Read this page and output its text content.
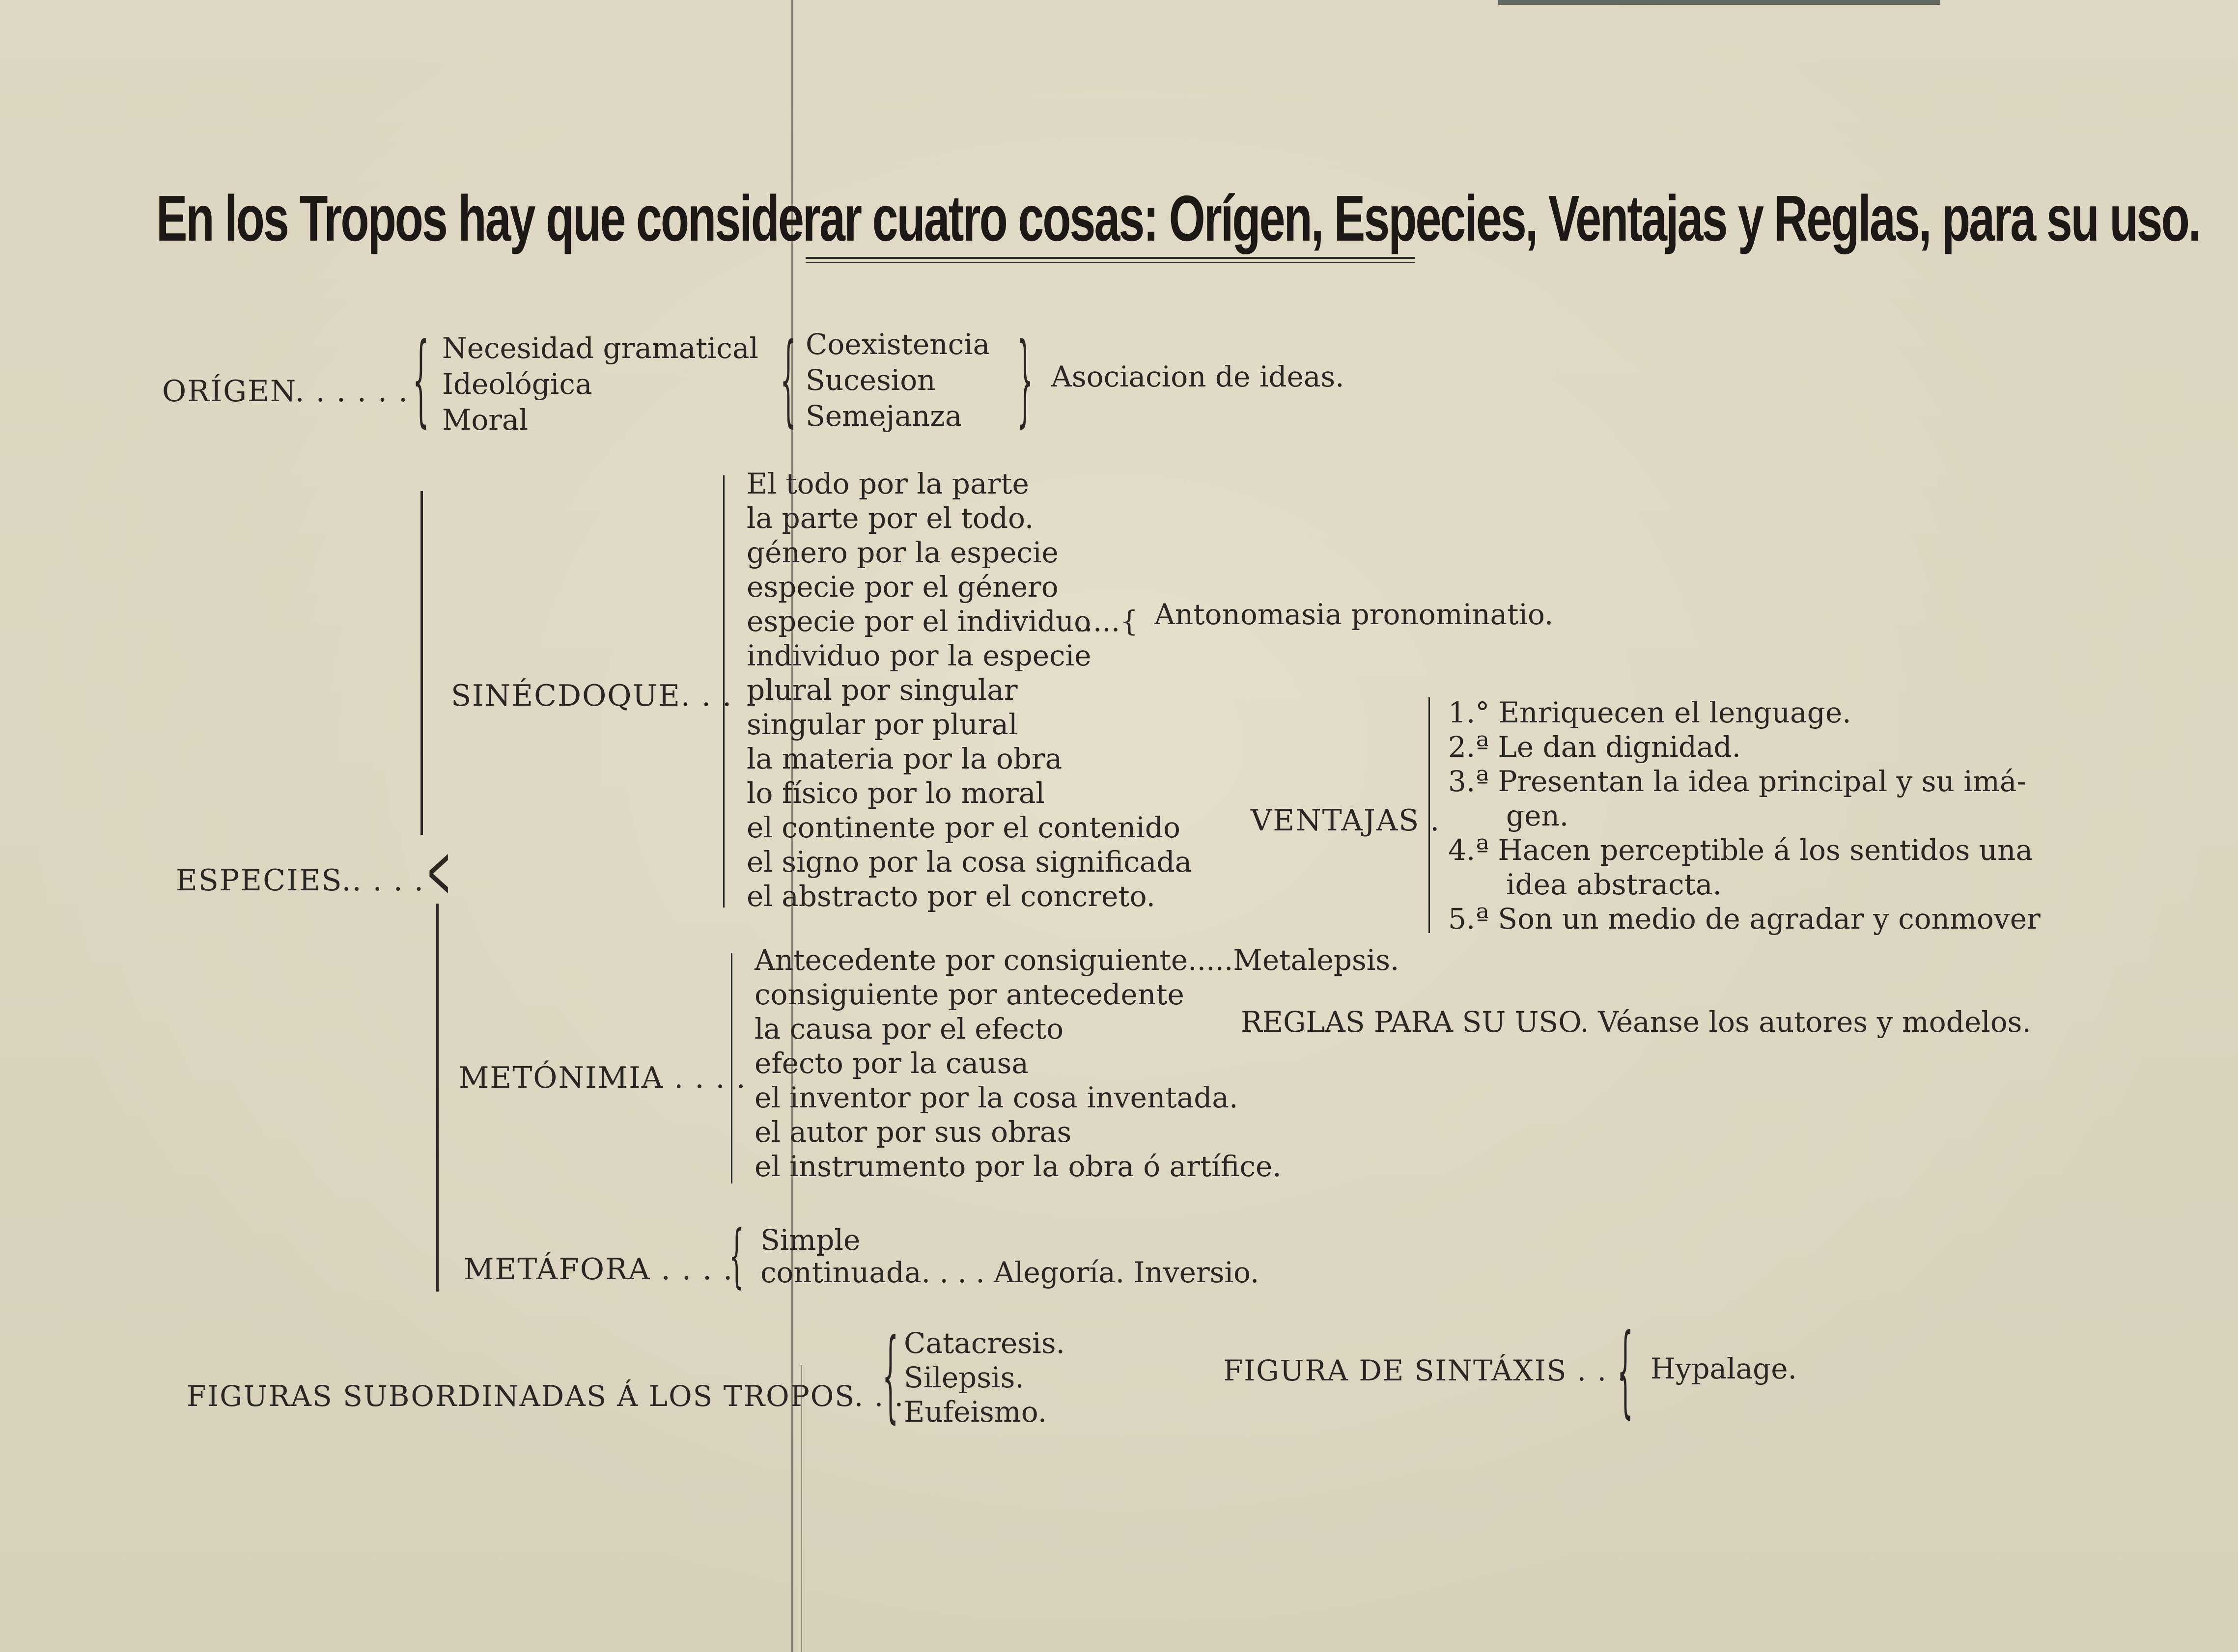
En los Tropos hay que considerar cuatro cosas: Orígen, Especies, Ventajas y Reglas, para su uso.
ORÍGEN. . . . . . { Necesidad gramatical
Ideológica
Moral	{ Coexistencia
Sucesion
Semejanza } Asociacion de ideas.
ESPECIES.. . . . <
SINÉCDOQUE. . .
El todo por la parte
la parte por el todo.
género por la especie
especie por el género
especie por el individuo
.....{ Antonomasia pronominatio.
individuo por la especie
plural por singular
singular por plural
la materia por la obra
lo físico por lo moral
el continente por el contenido
el signo por la cosa significada
el abstracto por el concreto.
METÓNIMIA . . . .
Antecedente por consiguiente.....Metalepsis.
consiguiente por antecedente
la causa por el efecto
efecto por la causa
el inventor por la cosa inventada.
el autor por sus obras
el instrumento por la obra ó artífice.
METÁFORA . . . .
{ Simple
continuada. . . . Alegoría. Inversio.
VENTAJAS .
1.° Enriquecen el lenguage.
2.ª Le dan dignidad.
3.ª Presentan la idea principal y su imá-
gen.
4.ª Hacen perceptible á los sentidos una
idea abstracta.
5.ª Son un medio de agradar y conmover
REGLAS PARA SU USO. Véanse los autores y modelos.
FIGURAS SUBORDINADAS Á LOS TROPOS. . .
{ Catacresis.
Silepsis.
Eufeismo.
FIGURA DE SINTÁXIS . . .
{ Hypalage.
